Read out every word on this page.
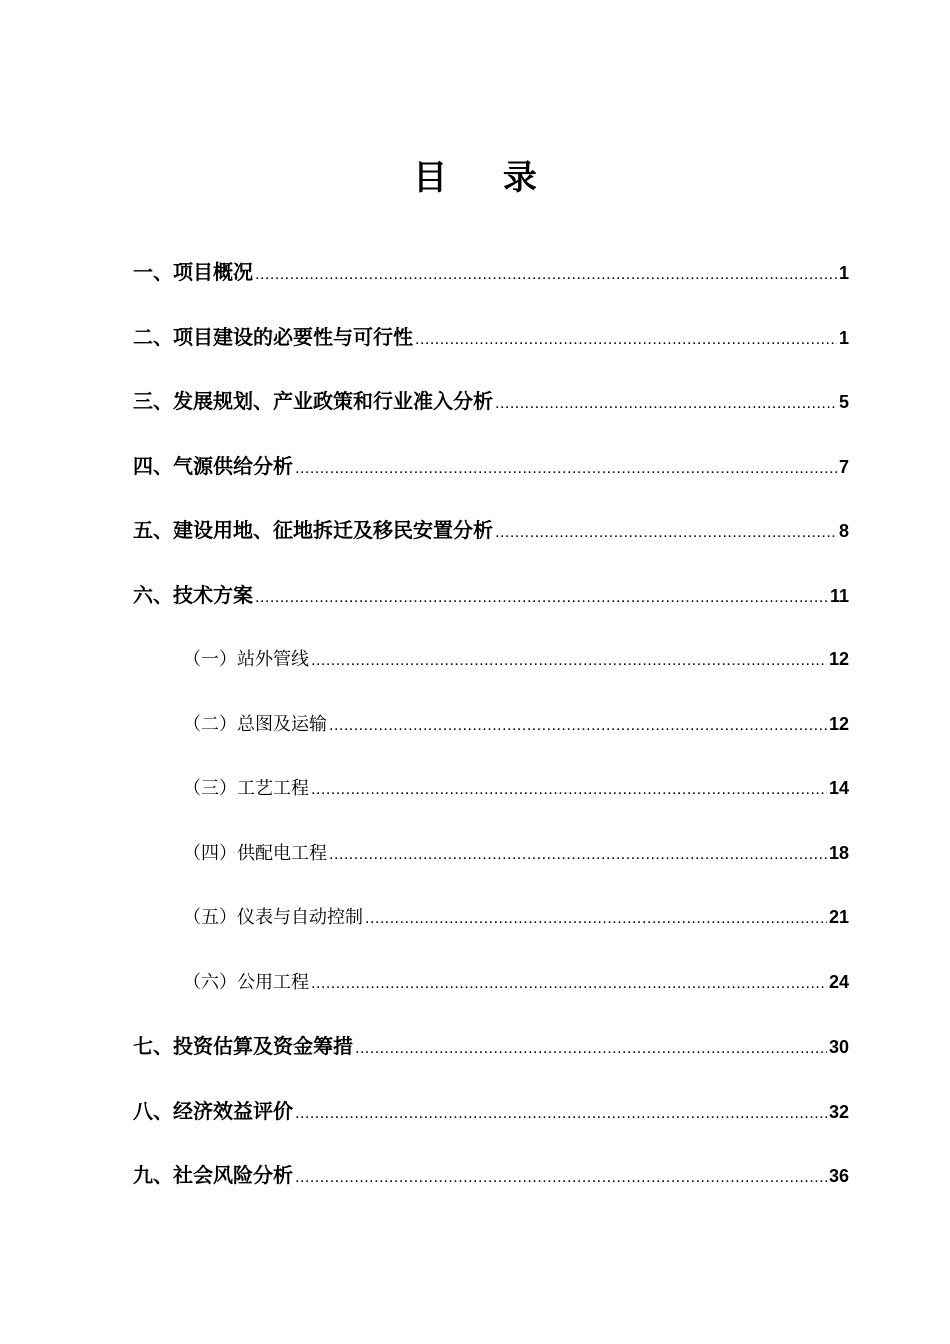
目 录
一、项目概况 .....	1
二、项目建设的必要性与可行性 .....	1
三、发展规划、产业政策和行业准入分析 .....	5
四、气源供给分析 .....	7
五、建设用地、征地拆迁及移民安置分析 .....	8
六、技术方案 .....	11
（一）站外管线 .....	12
（二）总图及运输 .....	12
（三）工艺工程 .....	14
（四）供配电工程 .....	18
（五）仪表与自动控制 .....	21
（六）公用工程 .....	24
七、投资估算及资金筹措 .....	30
八、经济效益评价 .....	32
九、社会风险分析 .....	36
